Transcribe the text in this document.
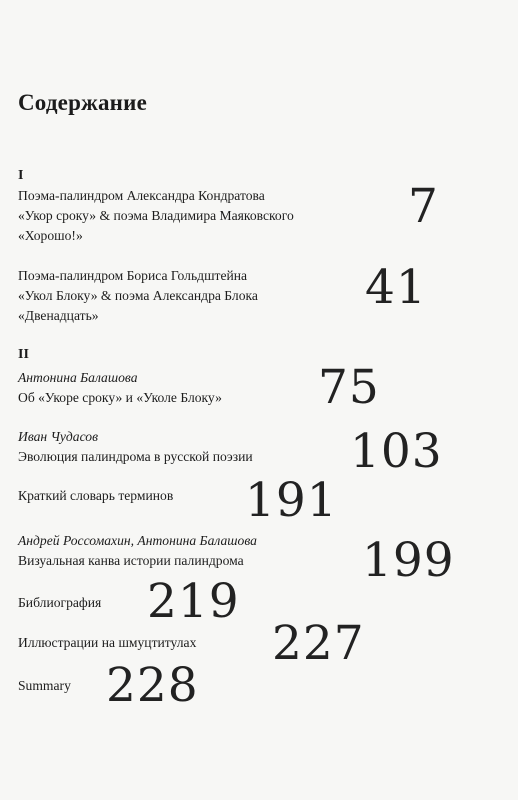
Содержание
I
Поэма-палиндром Александра Кондратова
«Укор сроку» & поэма Владимира Маяковского
«Хорошо!»
7
Поэма-палиндром Бориса Гольдштейна
«Укол Блоку» & поэма Александра Блока
«Двенадцать»
41
II
Антонина Балашова
Об «Укоре сроку» и «Уколе Блоку» 75
Иван Чудасов
Эволюция палиндрома в русской поэзии 103
Краткий словарь терминов 191
Андрей Россомахин, Антонина Балашова
Визуальная канва истории палиндрома	199
Библиография 219
Иллюстрации на шмуцтитулах 227
Summary 228
